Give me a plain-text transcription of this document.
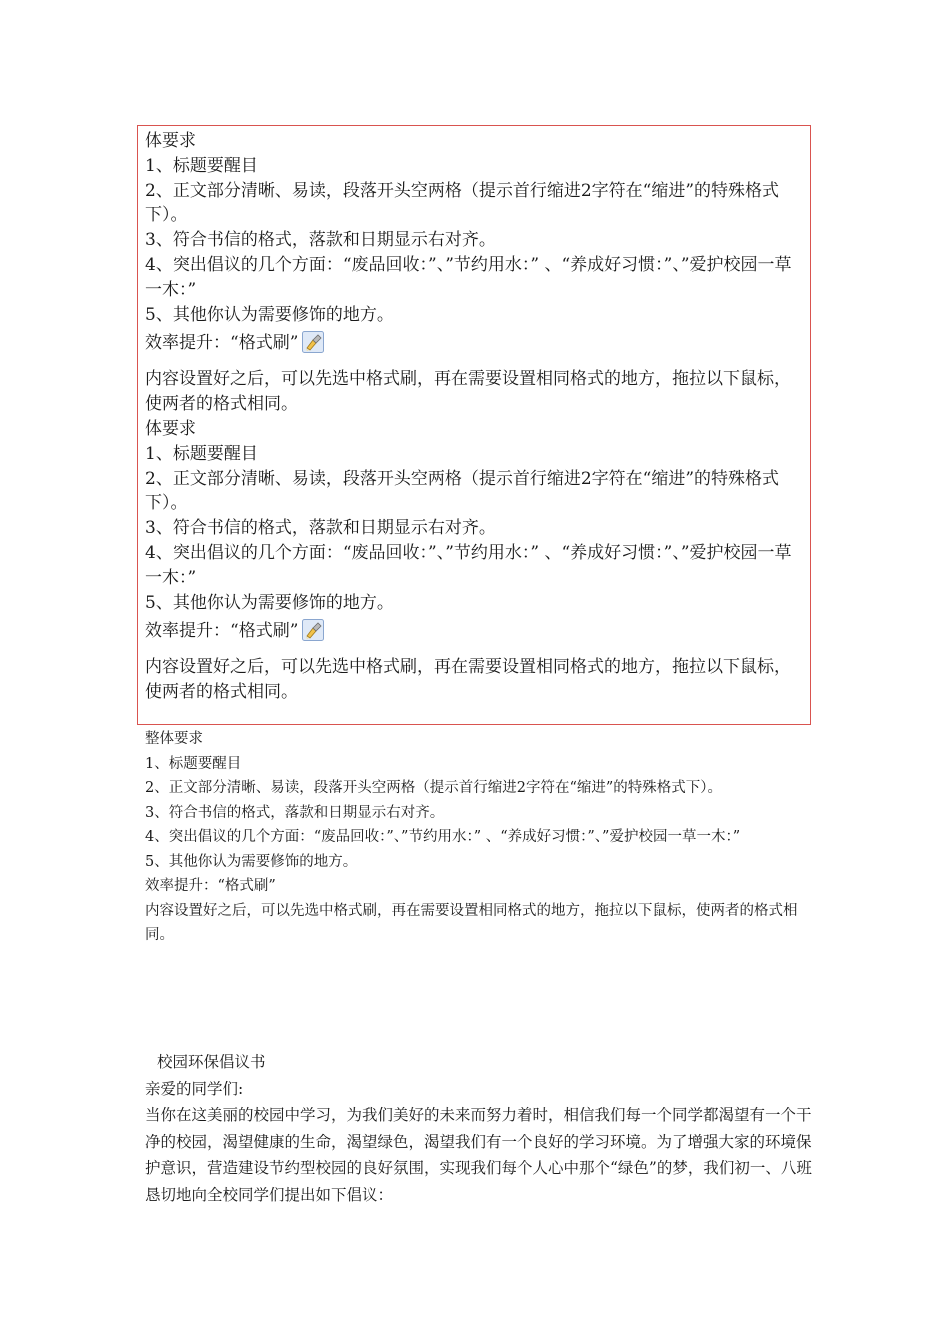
体要求

1、标题要醒目

2、正文部分清晰、易读，段落开头空两格（提示首行缩进2字符在“缩进”的特殊格式下）。

3、符合书信的格式，落款和日期显示右对齐。

4、突出倡议的几个方面：“废品回收：”、”节约用水：” 、“养成好习惯：”、”爱护校园一草一木：”

5、其他你认为需要修饰的地方。

效率提升：“格式刷”

内容设置好之后，可以先选中格式刷，再在需要设置相同格式的地方，拖拉以下鼠标，使两者的格式相同。

体要求

1、标题要醒目

2、正文部分清晰、易读，段落开头空两格（提示首行缩进2字符在“缩进”的特殊格式下）。

3、符合书信的格式，落款和日期显示右对齐。

4、突出倡议的几个方面：“废品回收：”、”节约用水：” 、“养成好习惯：”、”爱护校园一草一木：”

5、其他你认为需要修饰的地方。

效率提升：“格式刷”

内容设置好之后，可以先选中格式刷，再在需要设置相同格式的地方，拖拉以下鼠标，使两者的格式相同。

整体要求

1、标题要醒目

2、正文部分清晰、易读，段落开头空两格（提示首行缩进2字符在“缩进”的特殊格式下）。

3、符合书信的格式，落款和日期显示右对齐。

4、突出倡议的几个方面：“废品回收：”、”节约用水：” 、“养成好习惯：”、”爱护校园一草一木：”

5、其他你认为需要修饰的地方。

效率提升：“格式刷”

内容设置好之后，可以先选中格式刷，再在需要设置相同格式的地方，拖拉以下鼠标，使两者的格式相同。

校园环保倡议书

亲爱的同学们:

当你在这美丽的校园中学习，为我们美好的未来而努力着时，相信我们每一个同学都渴望有一个干净的校园，渴望健康的生命，渴望绿色，渴望我们有一个良好的学习环境。为了增强大家的环境保护意识，营造建设节约型校园的良好氛围，实现我们每个人心中那个“绿色”的梦，我们初一、八班恳切地向全校同学们提出如下倡议：
